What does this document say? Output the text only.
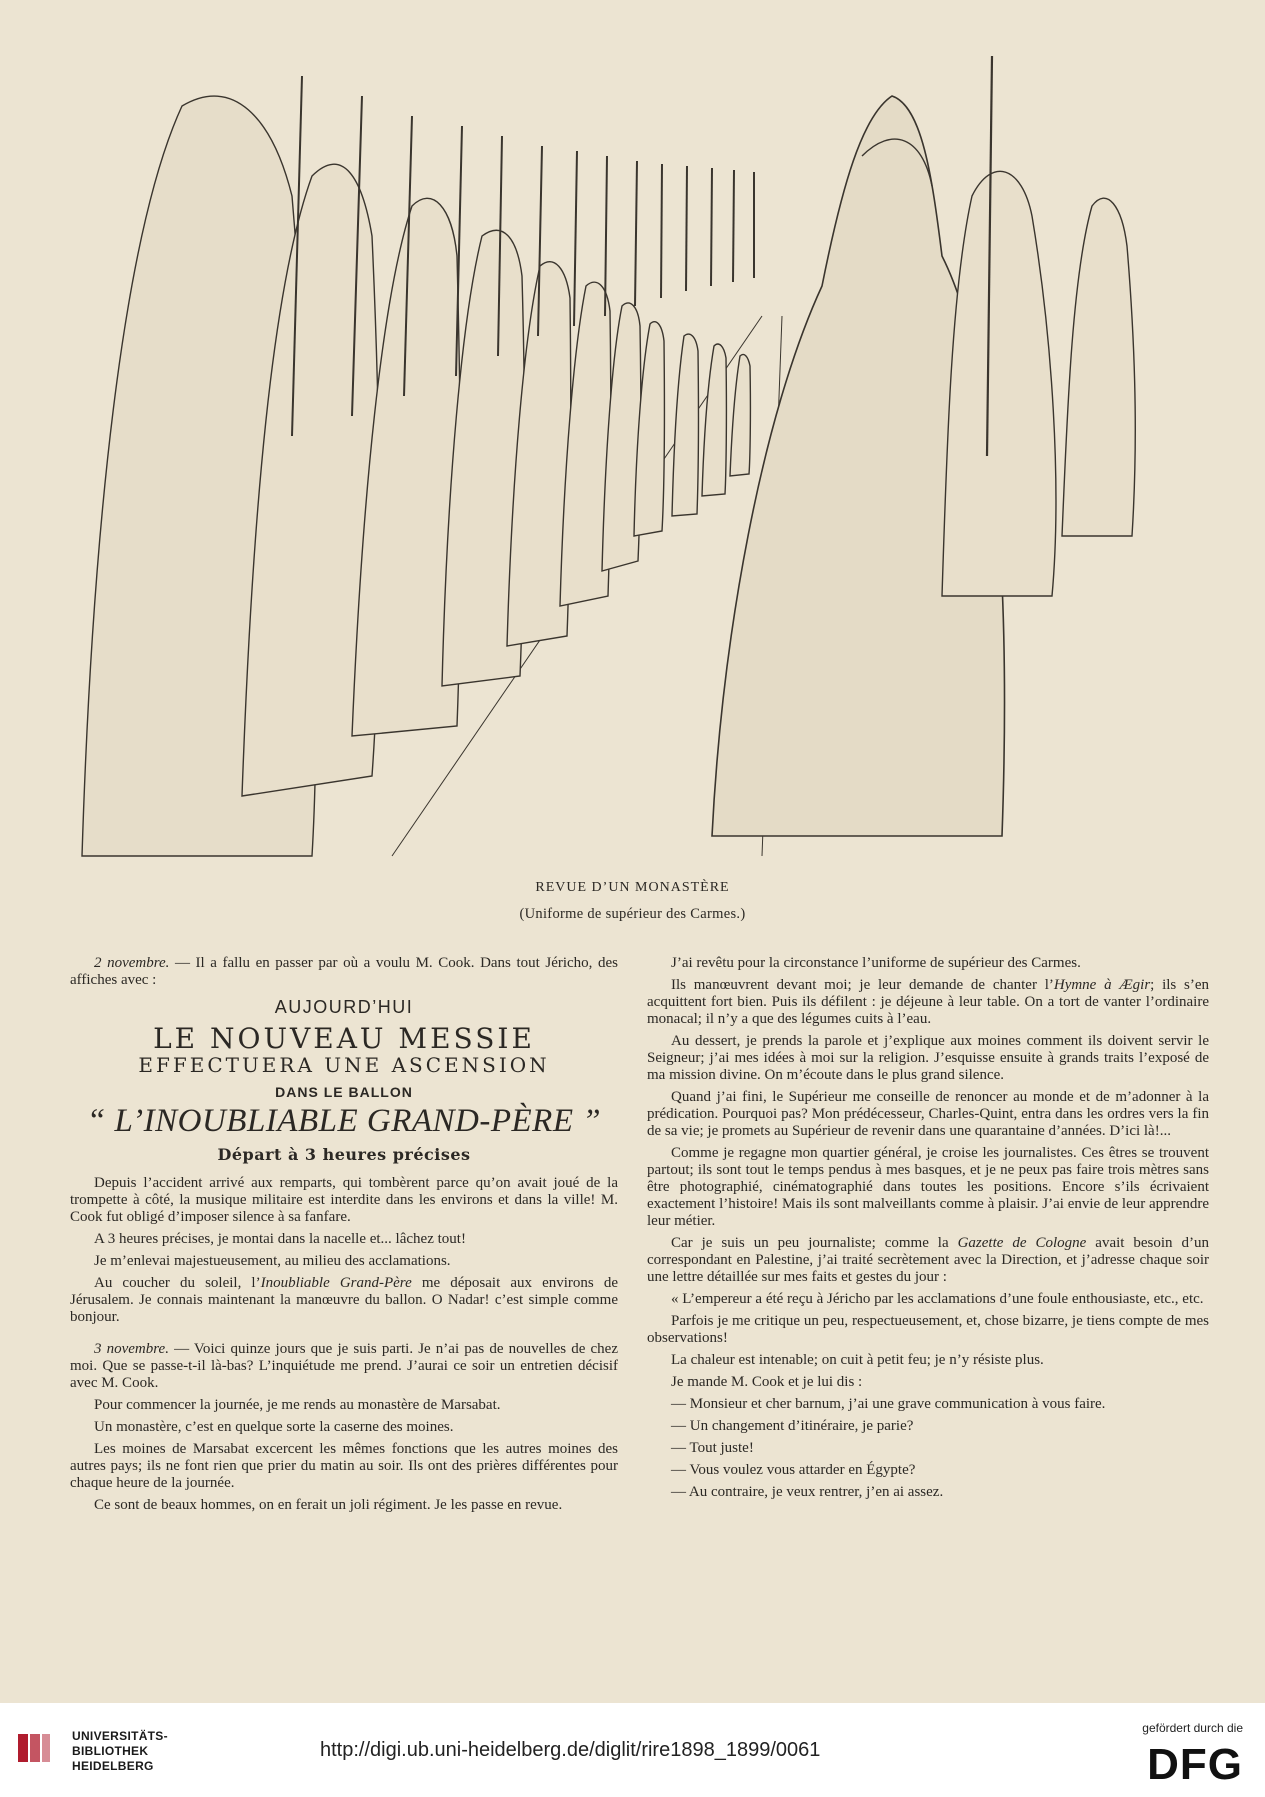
REVUE D’UN MONASTÈRE
(Uniforme de supérieur des Carmes.)

2 novembre. — Il a fallu en passer par où a voulu M. Cook. Dans tout Jéricho, des affiches avec :

AUJOURD’HUI
LE NOUVEAU MESSIE
EFFECTUERA UNE ASCENSION
DANS LE BALLON
“ L’INOUBLIABLE GRAND-PÈRE ”
Départ à 3 heures précises

Depuis l’accident arrivé aux remparts, qui tombèrent parce qu’on avait joué de la trompette à côté, la musique militaire est interdite dans les environs et dans la ville! M. Cook fut obligé d’imposer silence à sa fanfare.

A 3 heures précises, je montai dans la nacelle et... lâchez tout!

Je m’enlevai majestueusement, au milieu des acclamations.

Au coucher du soleil, l’Inoubliable Grand-Père me déposait aux environs de Jérusalem. Je connais maintenant la manœuvre du ballon. O Nadar! c’est simple comme bonjour.

3 novembre. — Voici quinze jours que je suis parti. Je n’ai pas de nouvelles de chez moi. Que se passe-t-il là-bas? L’inquiétude me prend. J’aurai ce soir un entretien décisif avec M. Cook.

Pour commencer la journée, je me rends au monastère de Marsabat.

Un monastère, c’est en quelque sorte la caserne des moines.

Les moines de Marsabat excercent les mêmes fonctions que les autres moines des autres pays; ils ne font rien que prier du matin au soir. Ils ont des prières différentes pour chaque heure de la journée.

Ce sont de beaux hommes, on en ferait un joli régiment. Je les passe en revue.

J’ai revêtu pour la circonstance l’uniforme de supérieur des Carmes.

Ils manœuvrent devant moi; je leur demande de chanter l’Hymne à Ægir; ils s’en acquittent fort bien. Puis ils défilent : je déjeune à leur table. On a tort de vanter l’ordinaire monacal; il n’y a que des légumes cuits à l’eau.

Au dessert, je prends la parole et j’explique aux moines comment ils doivent servir le Seigneur; j’ai mes idées à moi sur la religion. J’esquisse ensuite à grands traits l’exposé de ma mission divine. On m’écoute dans le plus grand silence.

Quand j’ai fini, le Supérieur me conseille de renoncer au monde et de m’adonner à la prédication. Pourquoi pas? Mon prédécesseur, Charles-Quint, entra dans les ordres vers la fin de sa vie; je promets au Supérieur de revenir dans une quarantaine d’années. D’ici là!...

Comme je regagne mon quartier général, je croise les journalistes. Ces êtres se trouvent partout; ils sont tout le temps pendus à mes basques, et je ne peux pas faire trois mètres sans être photographié, cinématographié dans toutes les positions. Encore s’ils écrivaient exactement l’histoire! Mais ils sont malveillants comme à plaisir. J’ai envie de leur apprendre leur métier.

Car je suis un peu journaliste; comme la Gazette de Cologne avait besoin d’un correspondant en Palestine, j’ai traité secrètement avec la Direction, et j’adresse chaque soir une lettre détaillée sur mes faits et gestes du jour :

« L’empereur a été reçu à Jéricho par les acclamations d’une foule enthousiaste, etc., etc.

Parfois je me critique un peu, respectueusement, et, chose bizarre, je tiens compte de mes observations!

La chaleur est intenable; on cuit à petit feu; je n’y résiste plus.

Je mande M. Cook et je lui dis :

— Monsieur et cher barnum, j’ai une grave communication à vous faire.

— Un changement d’itinéraire, je parie?

— Tout juste!

— Vous voulez vous attarder en Égypte?

— Au contraire, je veux rentrer, j’en ai assez.

UNIVERSITÄTS-
BIBLIOTHEK
HEIDELBERG
http://digi.ub.uni-heidelberg.de/diglit/rire1898_1899/0061
gefördert durch die
DFG
